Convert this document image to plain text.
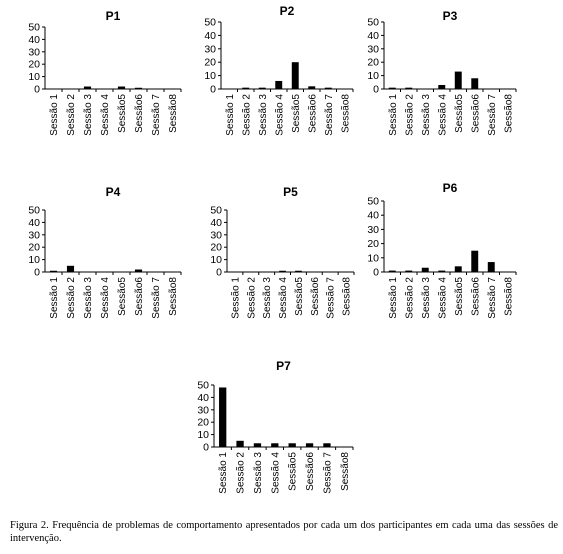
P1
0
10
20
30
40
50
Sessão 1 Sessão 2 Sessão 3 Sessão 4 Sessão5 Sessão6 Sessão 7 Sessão8
P2
0
10
20
30
40
50
Sessão 1 Sessão 2 Sessão 3 Sessão 4 Sessão5 Sessão6 Sessão 7 Sessão8
P3
0
10
20
30
40
50
Sessão 1 Sessão 2 Sessão 3 Sessão 4 Sessão5 Sessão6 Sessão 7 Sessão8
P4
0
10
20
30
40
50
Sessão 1 Sessão 2 Sessão 3 Sessão 4 Sessão5 Sessão6 Sessão 7 Sessão8
P5
0
10
20
30
40
50
Sessão 1 Sessão 2 Sessão 3 Sessão 4 Sessão5 Sessão6 Sessão 7 Sessão8
P6
0
10
20
30
40
50
Sessão 1 Sessão 2 Sessão 3 Sessão 4 Sessão5 Sessão6 Sessão 7 Sessão8
P7
0
10
20
30
40
50
Sessão 1 Sessão 2 Sessão 3 Sessão 4 Sessão5 Sessão6 Sessão 7 Sessão8
Figura 2. Frequência de problemas de comportamento apresentados por cada um dos participantes em cada uma das sessões de intervenção.
